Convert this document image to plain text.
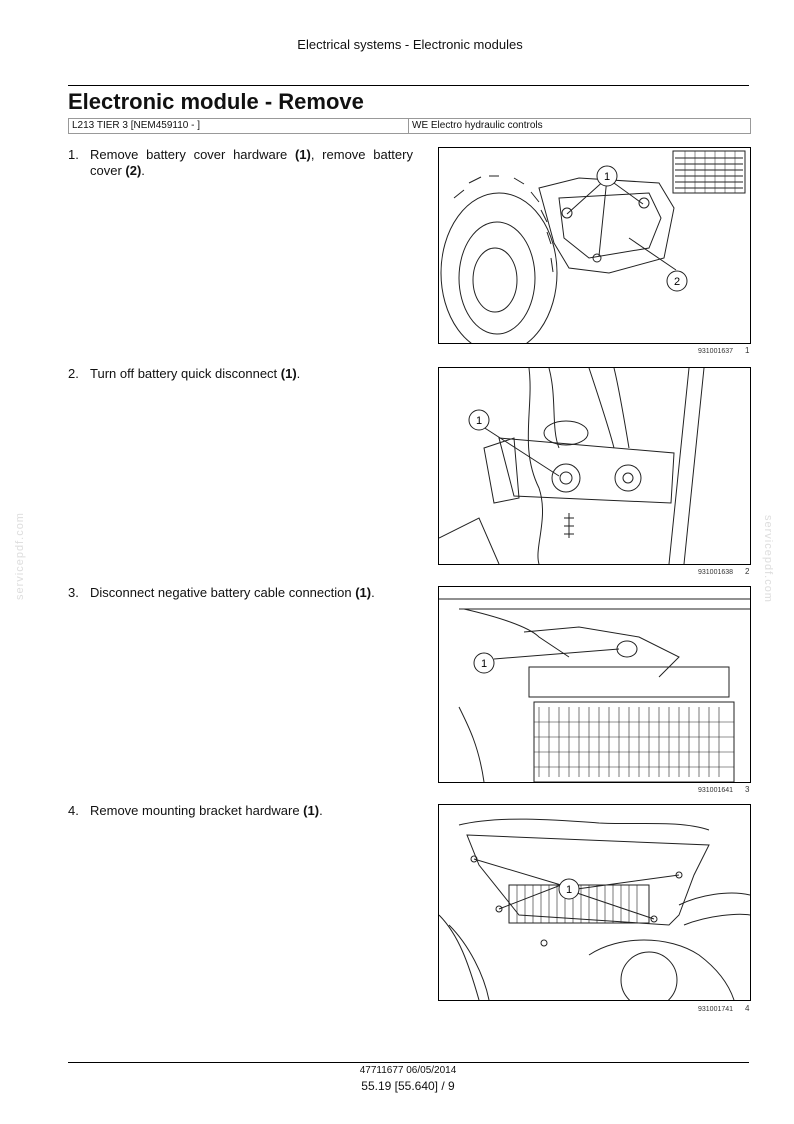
Electrical systems - Electronic modules
Electronic module - Remove
L213 TIER 3 [NEM459110 - ]	WE Electro hydraulic controls
1. Remove battery cover hardware (1), remove battery cover (2).	1
2
931001637 1
2. Turn off battery quick disconnect (1).
1
931001638 2
3. Disconnect negative battery cable connection (1).
1
931001641 3
4. Remove mounting bracket hardware (1).
1
931001741 4
servicepdf.com	servicepdf.com
47711677 06/05/2014
55.19 [55.640] / 9
